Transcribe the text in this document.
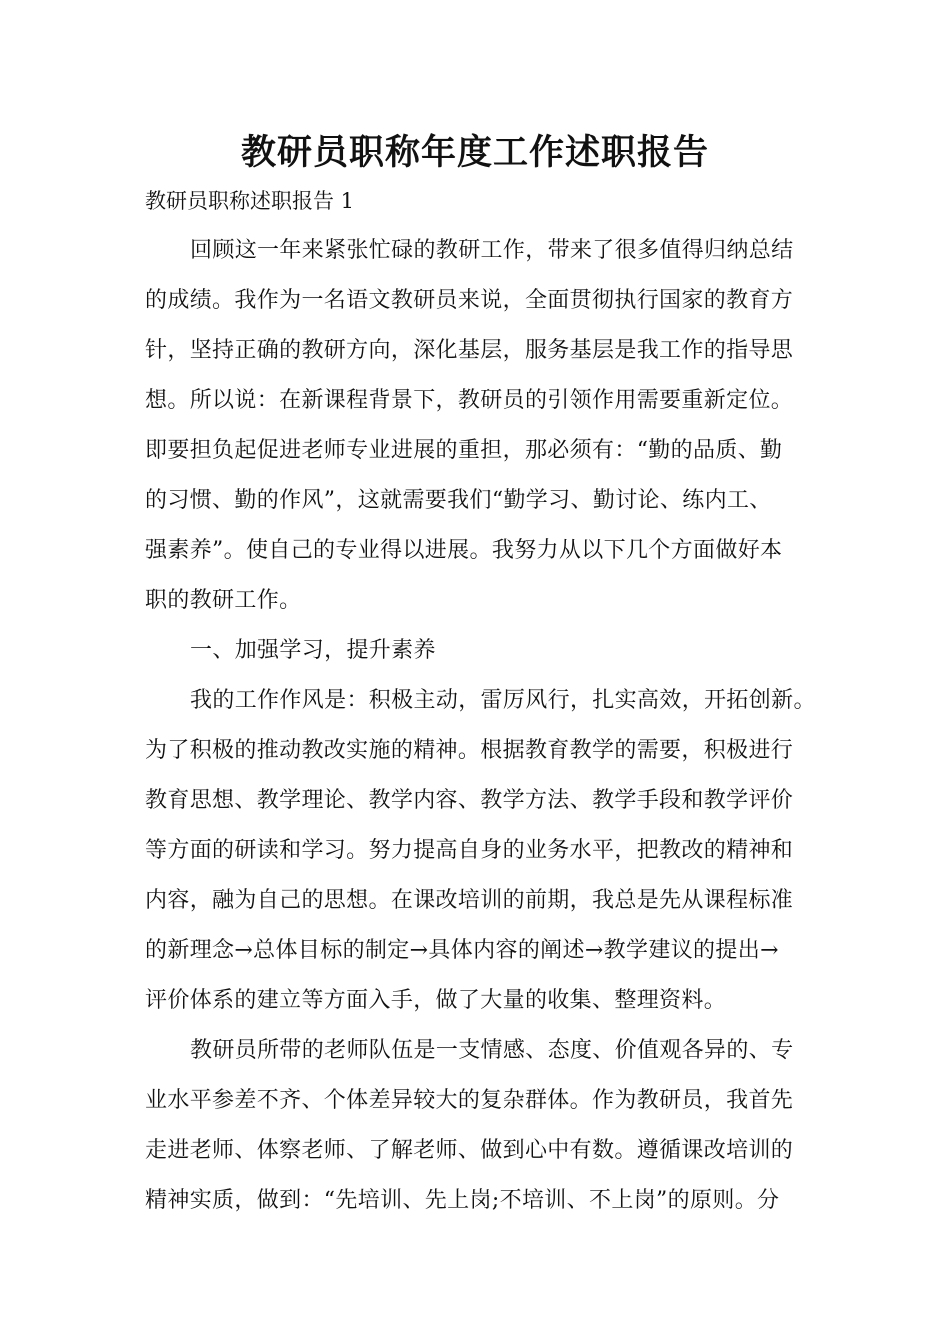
教研员职称年度工作述职报告

教研员职称述职报告 1

回顾这一年来紧张忙碌的教研工作，带来了很多值得归纳总结

的成绩。我作为一名语文教研员来说，全面贯彻执行国家的教育方

针，坚持正确的教研方向，深化基层，服务基层是我工作的指导思

想。所以说：在新课程背景下，教研员的引领作用需要重新定位。

即要担负起促进老师专业进展的重担，那必须有：“勤的品质、勤

的习惯、勤的作风”，这就需要我们“勤学习、勤讨论、练内工、

强素养”。使自己的专业得以进展。我努力从以下几个方面做好本

职的教研工作。

一、加强学习，提升素养

我的工作作风是：积极主动，雷厉风行，扎实高效，开拓创新。

为了积极的推动教改实施的精神。根据教育教学的需要，积极进行

教育思想、教学理论、教学内容、教学方法、教学手段和教学评价

等方面的研读和学习。努力提高自身的业务水平，把教改的精神和

内容，融为自己的思想。在课改培训的前期，我总是先从课程标准

的新理念→总体目标的制定→具体内容的阐述→教学建议的提出→

评价体系的建立等方面入手，做了大量的收集、整理资料。

教研员所带的老师队伍是一支情感、态度、价值观各异的、专

业水平参差不齐、个体差异较大的复杂群体。作为教研员，我首先

走进老师、体察老师、了解老师、做到心中有数。遵循课改培训的

精神实质，做到：“先培训、先上岗;不培训、不上岗”的原则。分
